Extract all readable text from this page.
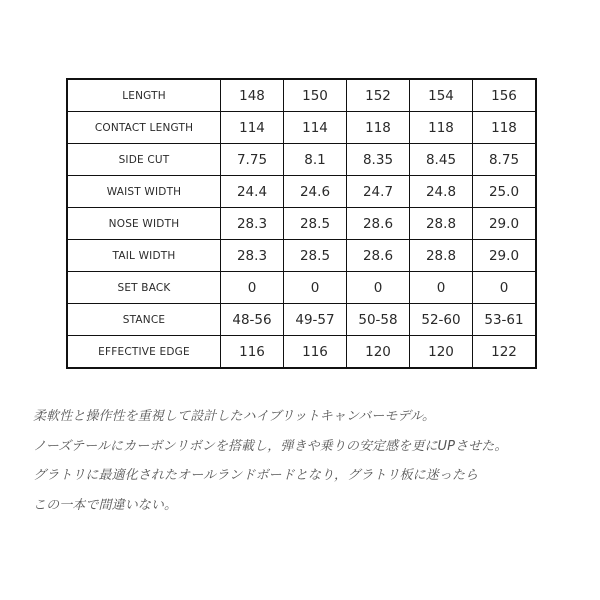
LENGTH	148	150	152	154	156
CONTACT LENGTH	114	114	118	118	118
SIDE CUT	7.75	8.1	8.35	8.45	8.75
WAIST WIDTH	24.4	24.6	24.7	24.8	25.0
NOSE WIDTH	28.3	28.5	28.6	28.8	29.0
TAIL WIDTH	28.3	28.5	28.6	28.8	29.0
SET BACK	0	0	0	0	0
STANCE	48-56	49-57	50-58	52-60	53-61
EFFECTIVE EDGE	116	116	120	120	122
柔軟性と操作性を重視して設計したハイブリットキャンバーモデル。
ノーズテールにカーボンリボンを搭載し，弾きや乗りの安定感を更にUPさせた。
グラトリに最適化されたオールランドボードとなり，グラトリ板に迷ったら
この一本で間違いない。
